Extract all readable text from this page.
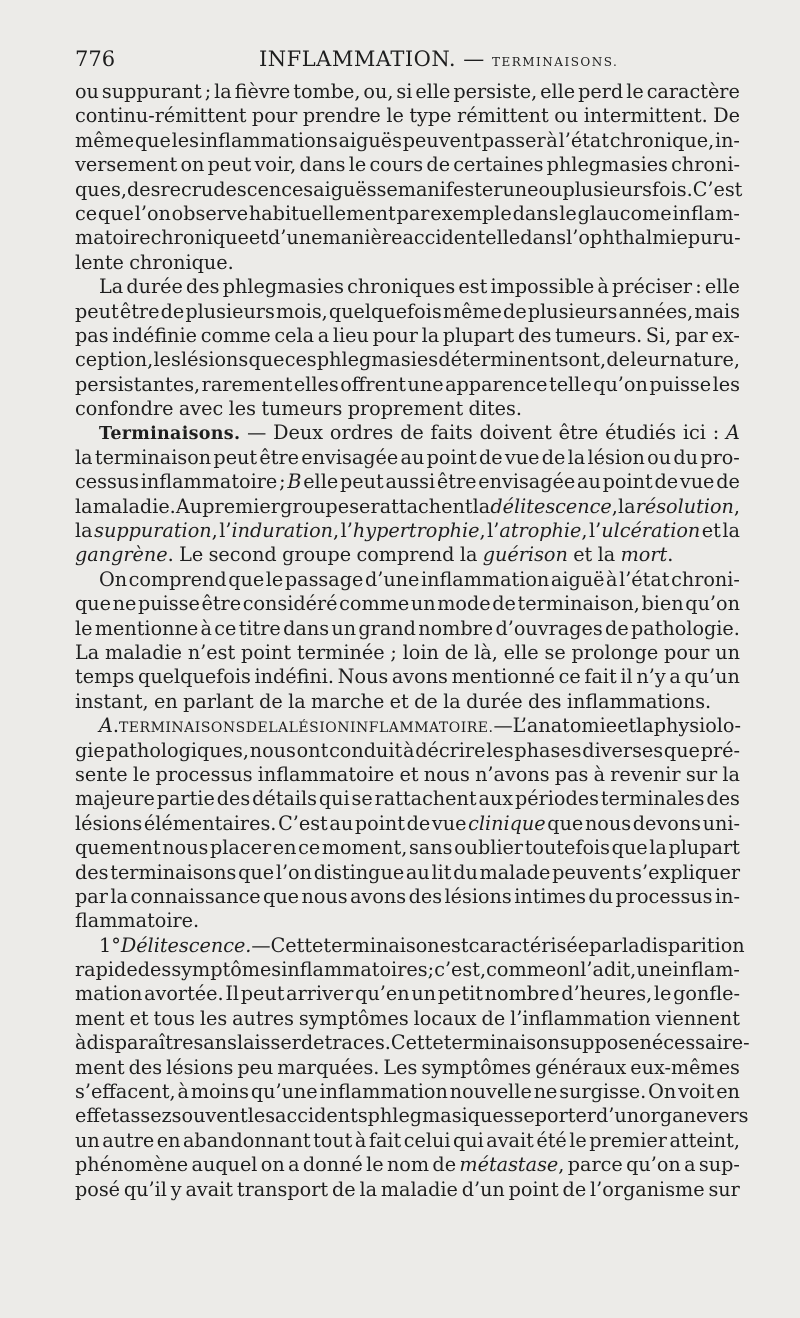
776	INFLAMMATION. — TERMINAISONS.
ou suppurant ; la fièvre tombe, ou, si elle persiste, elle perd le caractère
continu-rémittent pour prendre le type rémittent ou intermittent. De
même que les inflammations aiguës peuvent passer à l’état chronique, in-
versement on peut voir, dans le cours de certaines phlegmasies chroni-
ques, des recrudescences aiguës se manifester une ou plusieurs fois. C’est
ce que l’on observe habituellement par exemple dans le glaucome inflam-
matoire chronique et d’une manière accidentelle dans l’ophthalmie puru-
lente chronique.
La durée des phlegmasies chroniques est impossible à préciser : elle
peut être de plusieurs mois, quelquefois même de plusieurs années, mais
pas indéfinie comme cela a lieu pour la plupart des tumeurs. Si, par ex-
ception, les lésions que ces phlegmasies déterminent sont, de leur nature,
persistantes, rarement elles offrent une apparence telle qu’on puisse les
confondre avec les tumeurs proprement dites.
Terminaisons. — Deux ordres de faits doivent être étudiés ici : A
la terminaison peut être envisagée au point de vue de la lésion ou du pro-
cessus inflammatoire ; B elle peut aussi être envisagée au point de vue de
la maladie. Au premier groupe se rattachent la délitescence, la résolution,
la suppuration, l’induration, l’hypertrophie, l’atrophie, l’ulcération et la
gangrène. Le second groupe comprend la guérison et la mort.
On comprend que le passage d’une inflammation aiguë à l’état chroni-
que ne puisse être considéré comme un mode de terminaison, bien qu’on
le mentionne à ce titre dans un grand nombre d’ouvrages de pathologie.
La maladie n’est point terminée ; loin de là, elle se prolonge pour un
temps quelquefois indéfini. Nous avons mentionné ce fait il n’y a qu’un
instant, en parlant de la marche et de la durée des inflammations.
A. TERMINAISONS DE LA LÉSION INFLAMMATOIRE. — L’anatomie et la physiolo-
gie pathologiques, nous ont conduit à décrire les phases diverses que pré-
sente le processus inflammatoire et nous n’avons pas à revenir sur la
majeure partie des détails qui se rattachent aux périodes terminales des
lésions élémentaires. C’est au point de vue clinique que nous devons uni-
quement nous placer en ce moment, sans oublier toutefois que la plupart
des terminaisons que l’on distingue au lit du malade peuvent s’expliquer
par la connaissance que nous avons des lésions intimes du processus in-
flammatoire.
1° Délitescence. — Cette terminaison est caractérisée par la disparition
rapide des symptômes inflammatoires ; c’est, comme on l’a dit, une inflam-
mation avortée. Il peut arriver qu’en un petit nombre d’heures, le gonfle-
ment et tous les autres symptômes locaux de l’inflammation viennent
à disparaître sans laisser de traces. Cette terminaison suppose nécessaire-
ment des lésions peu marquées. Les symptômes généraux eux-mêmes
s’effacent, à moins qu’une inflammation nouvelle ne surgisse. On voit en
effet assez souvent les accidents phlegmasiques se porter d’un organe vers
un autre en abandonnant tout à fait celui qui avait été le premier atteint,
phénomène auquel on a donné le nom de métastase, parce qu’on a sup-
posé qu’il y avait transport de la maladie d’un point de l’organisme sur
